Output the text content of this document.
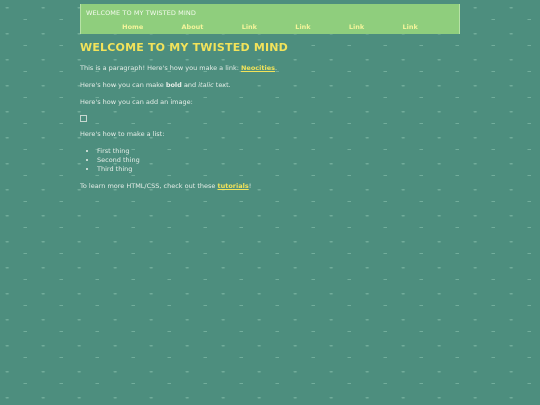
WELCOME TO MY TWISTED MIND
Home	About	Link	Link	Link	Link
WELCOME TO MY TWISTED MIND

This is a paragraph! Here's how you make a link: Neocities.

Here's how you can make bold and italic text.

Here's how you can add an image:

Here's how to make a list:

• First thing
• Second thing
• Third thing

To learn more HTML/CSS, check out these tutorials!
